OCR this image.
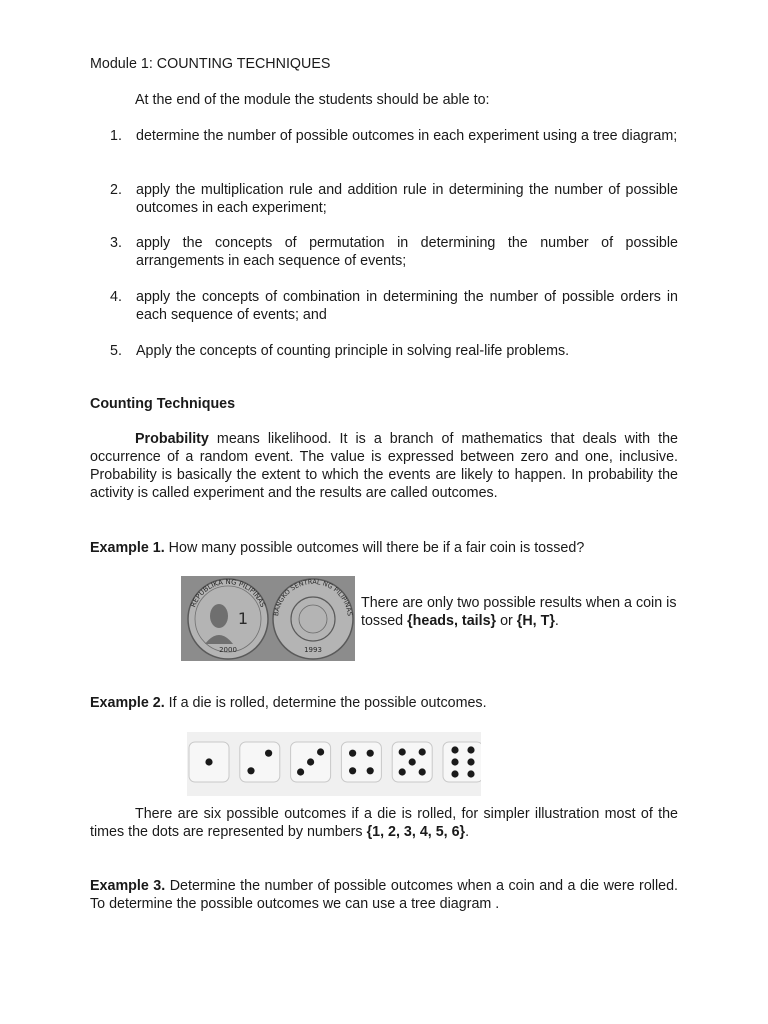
Module 1: COUNTING TECHNIQUES
At the end of the module the students should be able to:
1. determine the number of possible outcomes in each experiment using a tree diagram;
2. apply the multiplication rule and addition rule in determining the number of possible outcomes in each experiment;
3. apply the concepts of permutation in determining the number of possible arrangements in each sequence of events;
4. apply the concepts of combination in determining the number of possible orders in each sequence of events; and
5. Apply the concepts of counting principle in solving real-life problems.
Counting Techniques
Probability means likelihood. It is a branch of mathematics that deals with the occurrence of a random event. The value is expressed between zero and one, inclusive. Probability is basically the extent to which the events are likely to happen. In probability the activity is called experiment and the results are called outcomes.
Example 1. How many possible outcomes will there be if a fair coin is tossed?
REPUBLIKA NG PILIPINAS
1
2000
BANGKO SENTRAL NG PILIPINAS
1993
There are only two possible results when a coin is tossed {heads, tails} or {H, T}.
Example 2. If a die is rolled, determine the possible outcomes.
There are six possible outcomes if a die is rolled, for simpler illustration most of the times the dots are represented by numbers {1, 2, 3, 4, 5, 6}.
Example 3. Determine the number of possible outcomes when a coin and a die were rolled. To determine the possible outcomes we can use a tree diagram .
